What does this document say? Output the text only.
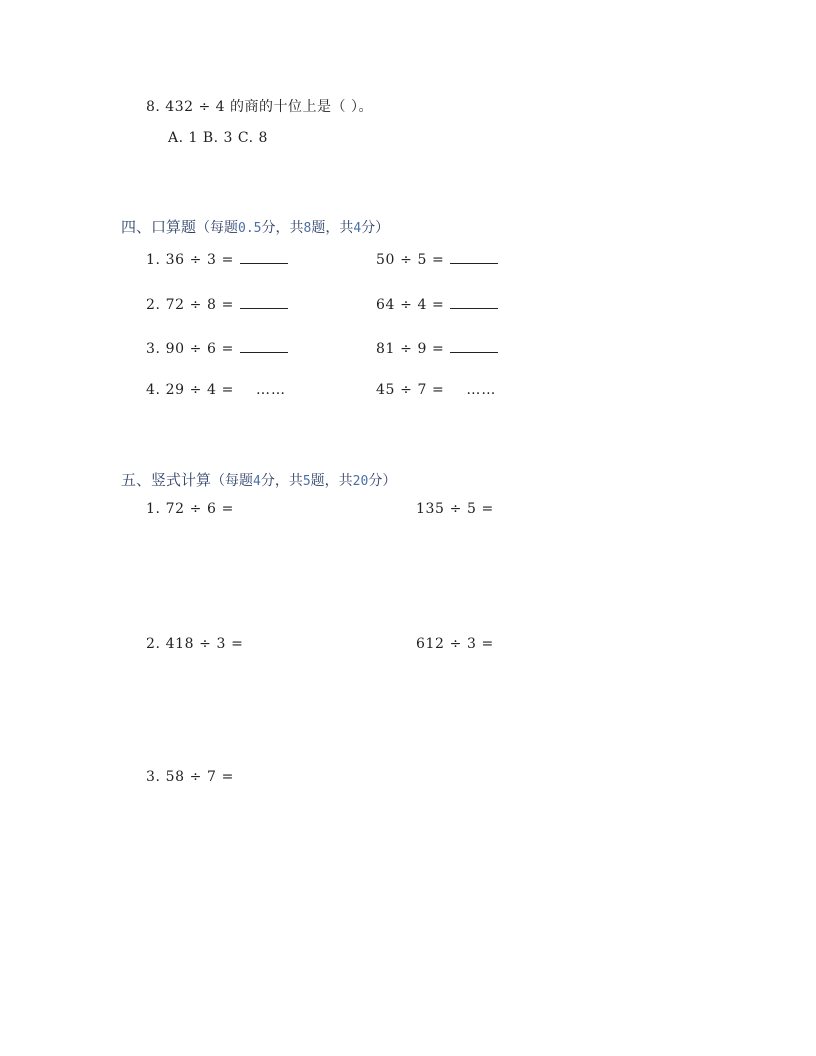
8. 432 ÷ 4 的商的十位上是（ ）。
A. 1 B. 3 C. 8
四、口算题（每题0.5分，共8题，共4分）
1. 36 ÷ 3 =	50 ÷ 5 =
2. 72 ÷ 8 =	64 ÷ 4 =
3. 90 ÷ 6 =	81 ÷ 9 =
4. 29 ÷ 4 = ……	45 ÷ 7 = ……
五、竖式计算（每题4分，共5题，共20分）
1. 72 ÷ 6 =	135 ÷ 5 =
2. 418 ÷ 3 =	612 ÷ 3 =
3. 58 ÷ 7 =
